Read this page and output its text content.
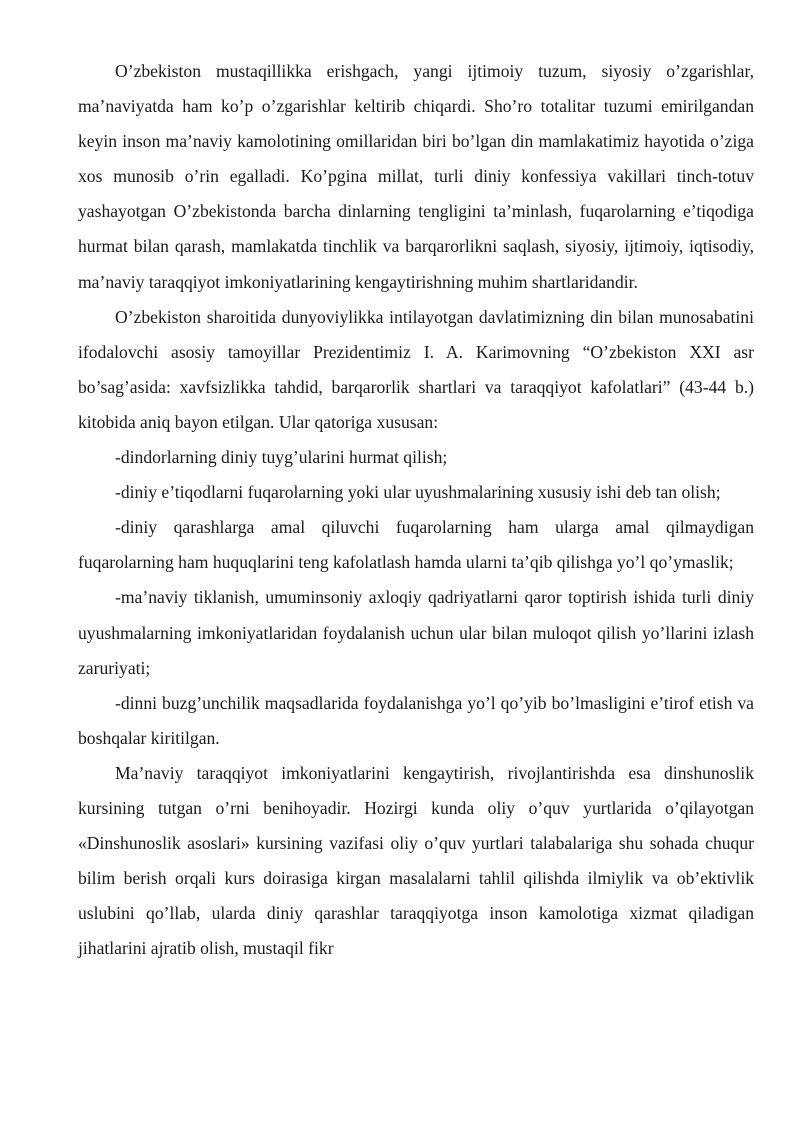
O’zbekiston mustaqillikka erishgach, yangi ijtimoiy tuzum, siyosiy o’zgarishlar, ma’naviyatda ham ko’p o’zgarishlar keltirib chiqardi. Sho’ro totalitar tuzumi emirilgandan keyin inson ma’naviy kamolotining omillaridan biri bo’lgan din mamlakatimiz hayotida o’ziga xos munosib o’rin egalladi. Ko’pgina millat, turli diniy konfessiya vakillari tinch-totuv yashayotgan O’zbekistonda barcha dinlarning tengligini ta’minlash, fuqarolarning e’tiqodiga hurmat bilan qarash, mamlakatda tinchlik va barqarorlikni saqlash, siyosiy, ijtimoiy, iqtisodiy, ma’naviy taraqqiyot imkoniyatlarining kengaytirishning muhim shartlaridandir.

O’zbekiston sharoitida dunyoviylikka intilayotgan davlatimizning din bilan munosabatini ifodalovchi asosiy tamoyillar Prezidentimiz I. A. Karimovning “O’zbekiston XXI asr bo’sag’asida: xavfsizlikka tahdid, barqarorlik shartlari va taraqqiyot kafolatlari” (43-44 b.) kitobida aniq bayon etilgan. Ular qatoriga xususan:

-dindorlarning diniy tuyg’ularini hurmat qilish;

-diniy e’tiqodlarni fuqarolarning yoki ular uyushmalarining xususiy ishi deb tan olish;

-diniy qarashlarga amal qiluvchi fuqarolarning ham ularga amal qilmaydigan fuqarolarning ham huquqlarini teng kafolatlash hamda ularni ta’qib qilishga yo’l qo’ymaslik;

-ma’naviy tiklanish, umuminsoniy axloqiy qadriyatlarni qaror toptirish ishida turli diniy uyushmalarning imkoniyatlaridan foydalanish uchun ular bilan muloqot qilish yo’llarini izlash zaruriyati;

-dinni buzg’unchilik maqsadlarida foydalanishga yo’l qo’yib bo’lmasligini e’tirof etish va boshqalar kiritilgan.

Ma’naviy taraqqiyot imkoniyatlarini kengaytirish, rivojlantirishda esa dinshunoslik kursining tutgan o’rni benihoyadir. Hozirgi kunda oliy o’quv yurtlarida o’qilayotgan «Dinshunoslik asoslari» kursining vazifasi oliy o’quv yurtlari talabalariga shu sohada chuqur bilim berish orqali kurs doirasiga kirgan masalalarni tahlil qilishda ilmiylik va ob’ektivlik uslubini qo’llab, ularda diniy qarashlar taraqqiyotga inson kamolotiga xizmat qiladigan jihatlarini ajratib olish, mustaqil fikr
